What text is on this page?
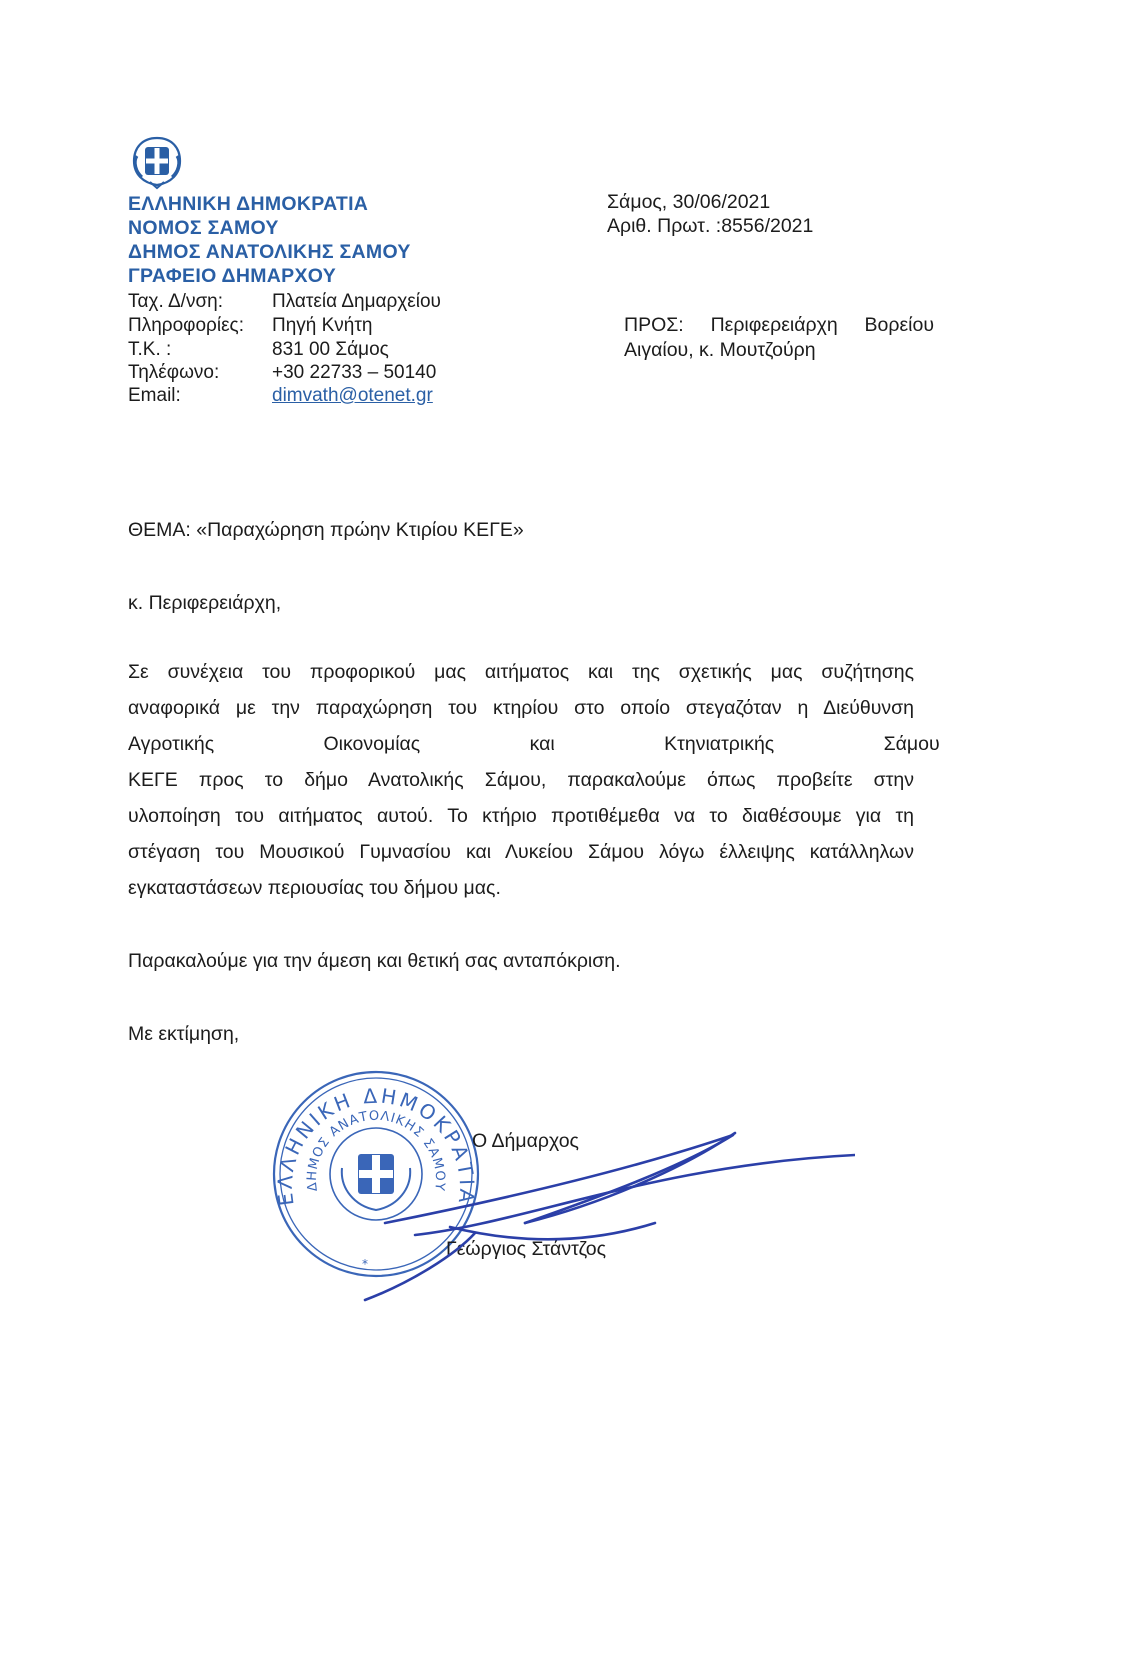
ΕΛΛΗΝΙΚΗ ΔΗΜΟΚΡΑΤΙΑ
ΝΟΜΟΣ ΣΑΜΟΥ
ΔΗΜΟΣ ΑΝΑΤΟΛΙΚΗΣ ΣΑΜΟΥ
ΓΡΑΦΕΙΟ ΔΗΜΑΡΧΟΥ
Ταχ. Δ/νση:	Πλατεία Δημαρχείου
Πληροφορίες: Πηγή Κνήτη
Τ.Κ. :	831 00 Σάμος
Τηλέφωνο:	+30 22733 – 50140
Email:	dimvath@otenet.gr
Σάμος, 30/06/2021
Αριθ. Πρωτ. :8556/2021
ΠΡΟΣ: Περιφερειάρχη Βορείου
Αιγαίου, κ. Μουτζούρη
ΘΕΜΑ: «Παραχώρηση πρώην Κτιρίου ΚΕΓΕ»
κ. Περιφερειάρχη,
Σε συνέχεια του προφορικού μας αιτήματος και της σχετικής μας συζήτησης
αναφορικά με την παραχώρηση του κτηρίου στο οποίο στεγαζόταν η Διεύθυνση
Αγροτικής Οικονομίας και Κτηνιατρικής Σάμου
ΚΕΓΕ προς το δήμο Ανατολικής Σάμου, παρακαλούμε όπως προβείτε στην
υλοποίηση του αιτήματος αυτού. Το κτήριο προτιθέμεθα να το διαθέσουμε για τη
στέγαση του Μουσικού Γυμνασίου και Λυκείου Σάμου λόγω έλλειψης κατάλληλων
εγκαταστάσεων περιουσίας του δήμου μας.
Παρακαλούμε για την άμεση και θετική σας ανταπόκριση.
Με εκτίμηση,
ΕΛΛΗΝΙΚΗ ΔΗΜΟΚΡΑΤΙΑ
ΔΗΜΟΣ ΑΝΑΤΟΛΙΚΗΣ ΣΑΜΟΥ
*
Ο Δήμαρχος
Γεώργιος Στάντζος
